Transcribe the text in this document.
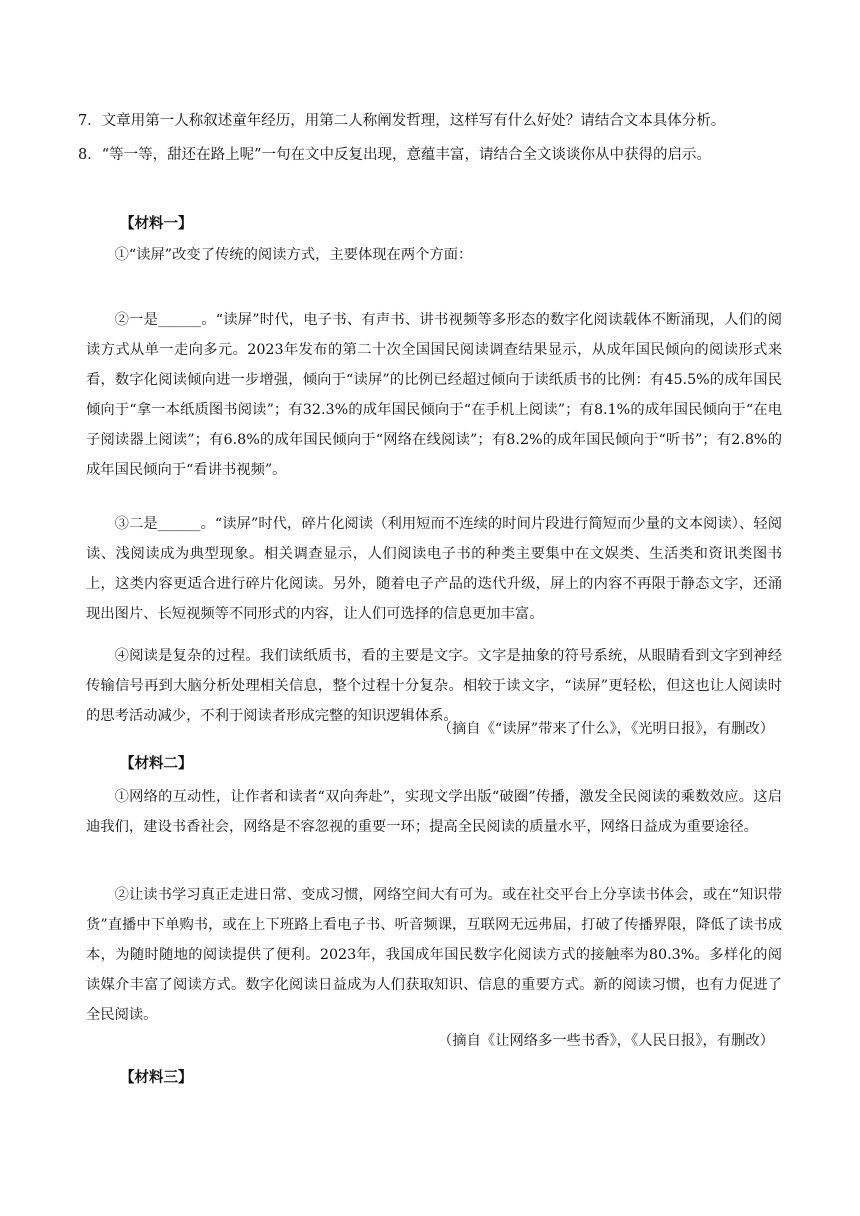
7．文章用第一人称叙述童年经历，用第二人称阐发哲理，这样写有什么好处？请结合文本具体分析。
8．“等一等，甜还在路上呢”一句在文中反复出现，意蕴丰富，请结合全文谈谈你从中获得的启示。
【材料一】

①“读屏”改变了传统的阅读方式，主要体现在两个方面：

②一是______。“读屏”时代，电子书、有声书、讲书视频等多形态的数字化阅读载体不断涌现，人们的阅读方式从单一走向多元。2023年发布的第二十次全国国民阅读调查结果显示，从成年国民倾向的阅读形式来看，数字化阅读倾向进一步增强，倾向于“读屏”的比例已经超过倾向于读纸质书的比例：有45.5%的成年国民倾向于“拿一本纸质图书阅读”；有32.3%的成年国民倾向于“在手机上阅读”；有8.1%的成年国民倾向于“在电子阅读器上阅读”；有6.8%的成年国民倾向于“网络在线阅读”；有8.2%的成年国民倾向于“听书”；有2.8%的成年国民倾向于“看讲书视频”。

③二是______。“读屏”时代，碎片化阅读（利用短而不连续的时间片段进行简短而少量的文本阅读）、轻阅读、浅阅读成为典型现象。相关调查显示，人们阅读电子书的种类主要集中在文娱类、生活类和资讯类图书上，这类内容更适合进行碎片化阅读。另外，随着电子产品的迭代升级，屏上的内容不再限于静态文字，还涌现出图片、长短视频等不同形式的内容，让人们可选择的信息更加丰富。

④阅读是复杂的过程。我们读纸质书，看的主要是文字。文字是抽象的符号系统，从眼睛看到文字到神经传输信号再到大脑分析处理相关信息，整个过程十分复杂。相较于读文字，“读屏”更轻松，但这也让人阅读时的思考活动减少，不利于阅读者形成完整的知识逻辑体系。

（摘自《“读屏”带来了什么》，《光明日报》，有删改）
【材料二】

①网络的互动性，让作者和读者“双向奔赴”，实现文学出版“破圈”传播，激发全民阅读的乘数效应。这启迪我们，建设书香社会，网络是不容忽视的重要一环；提高全民阅读的质量水平，网络日益成为重要途径。

②让读书学习真正走进日常、变成习惯，网络空间大有可为。或在社交平台上分享读书体会，或在“知识带货”直播中下单购书，或在上下班路上看电子书、听音频课，互联网无远弗届，打破了传播界限，降低了读书成本，为随时随地的阅读提供了便利。2023年，我国成年国民数字化阅读方式的接触率为80.3%。多样化的阅读媒介丰富了阅读方式。数字化阅读日益成为人们获取知识、信息的重要方式。新的阅读习惯，也有力促进了全民阅读。

（摘自《让网络多一些书香》，《人民日报》，有删改）
【材料三】
